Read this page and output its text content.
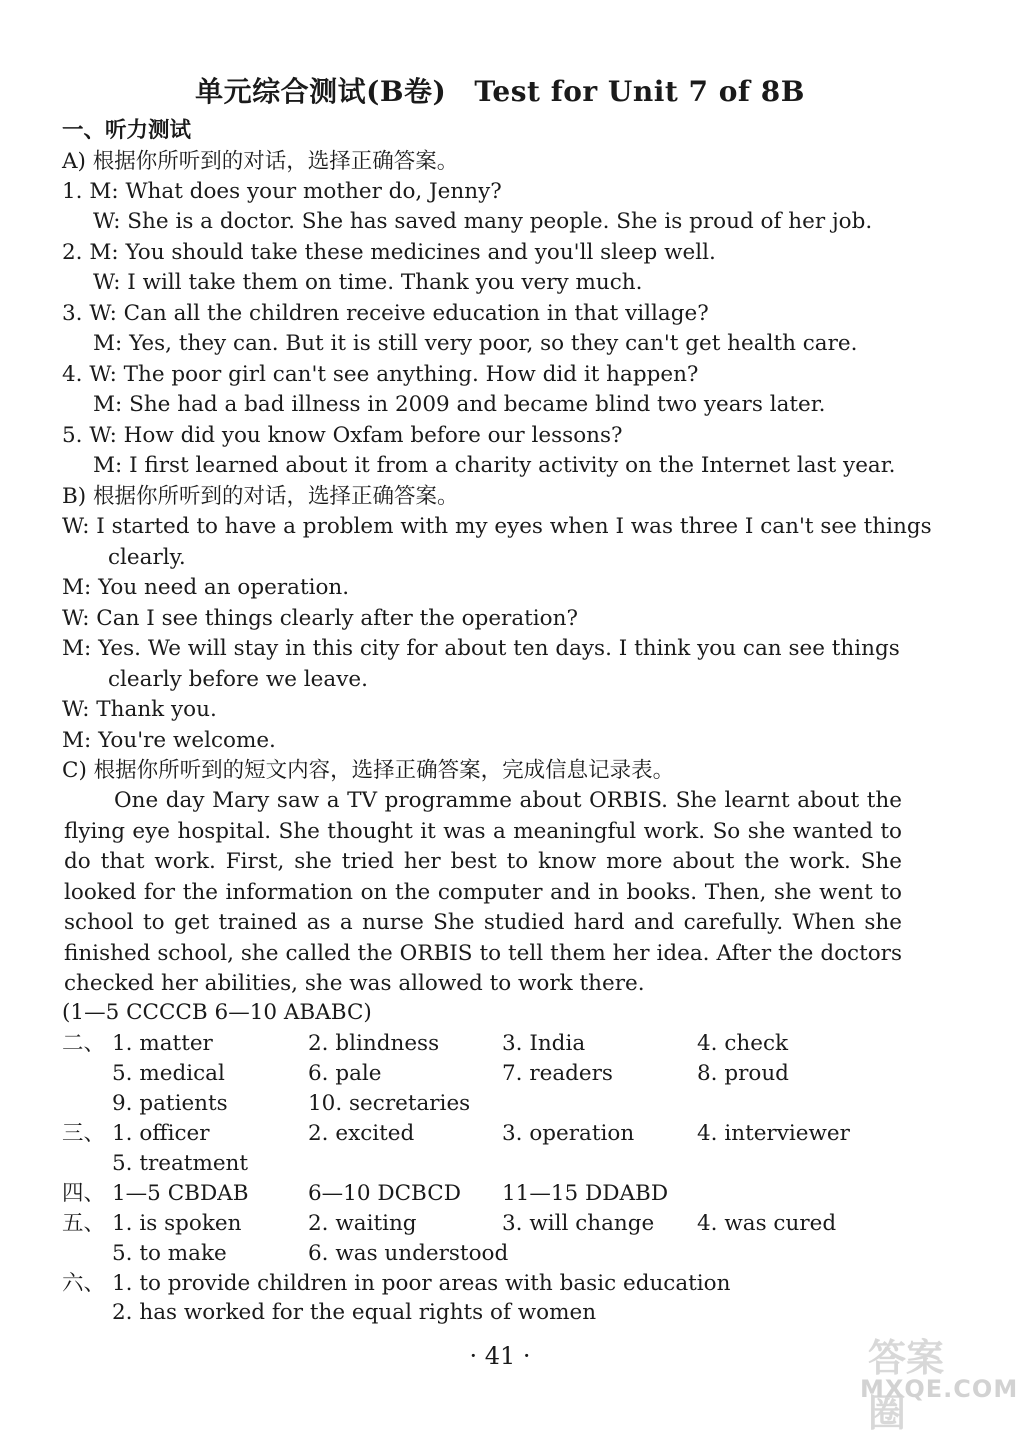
单元综合测试(B卷) Test for Unit 7 of 8B
一、听力测试
A) 根据你所听到的对话，选择正确答案。
1. M: What does your mother do, Jenny?
W: She is a doctor. She has saved many people. She is proud of her job.
2. M: You should take these medicines and you'll sleep well.
W: I will take them on time. Thank you very much.
3. W: Can all the children receive education in that village?
M: Yes, they can. But it is still very poor, so they can't get health care.
4. W: The poor girl can't see anything. How did it happen?
M: She had a bad illness in 2009 and became blind two years later.
5. W: How did you know Oxfam before our lessons?
M: I first learned about it from a charity activity on the Internet last year.
B) 根据你所听到的对话，选择正确答案。
W: I started to have a problem with my eyes when I was three I can't see things
clearly.
M: You need an operation.
W: Can I see things clearly after the operation?
M: Yes. We will stay in this city for about ten days. I think you can see things
clearly before we leave.
W: Thank you.
M: You're welcome.
C) 根据你所听到的短文内容，选择正确答案，完成信息记录表。
One day Mary saw a TV programme about ORBIS. She learnt about the flying eye hospital. She thought it was a meaningful work. So she wanted to do that work. First, she tried her best to know more about the work. She looked for the information on the computer and in books. Then, she went to school to get trained as a nurse She studied hard and carefully. When she finished school, she called the ORBIS to tell them her idea. After the doctors checked her abilities, she was allowed to work there.
(1—5 CCCCB 6—10 ABABC)
二、 1. matter	2. blindness	3. India	4. check
5. medical	6. pale	7. readers	8. proud
9. patients	10. secretaries
三、 1. officer	2. excited	3. operation	4. interviewer
5. treatment
四、 1—5 CBDAB	6—10 DCBCD 11—15 DDABD
五、 1. is spoken	2. waiting	3. will change 4. was cured
5. to make	6. was understood
六、 1. to provide children in poor areas with basic education
2. has worked for the equal rights of women
· 41 ·	答案圈
MXQE.COM
